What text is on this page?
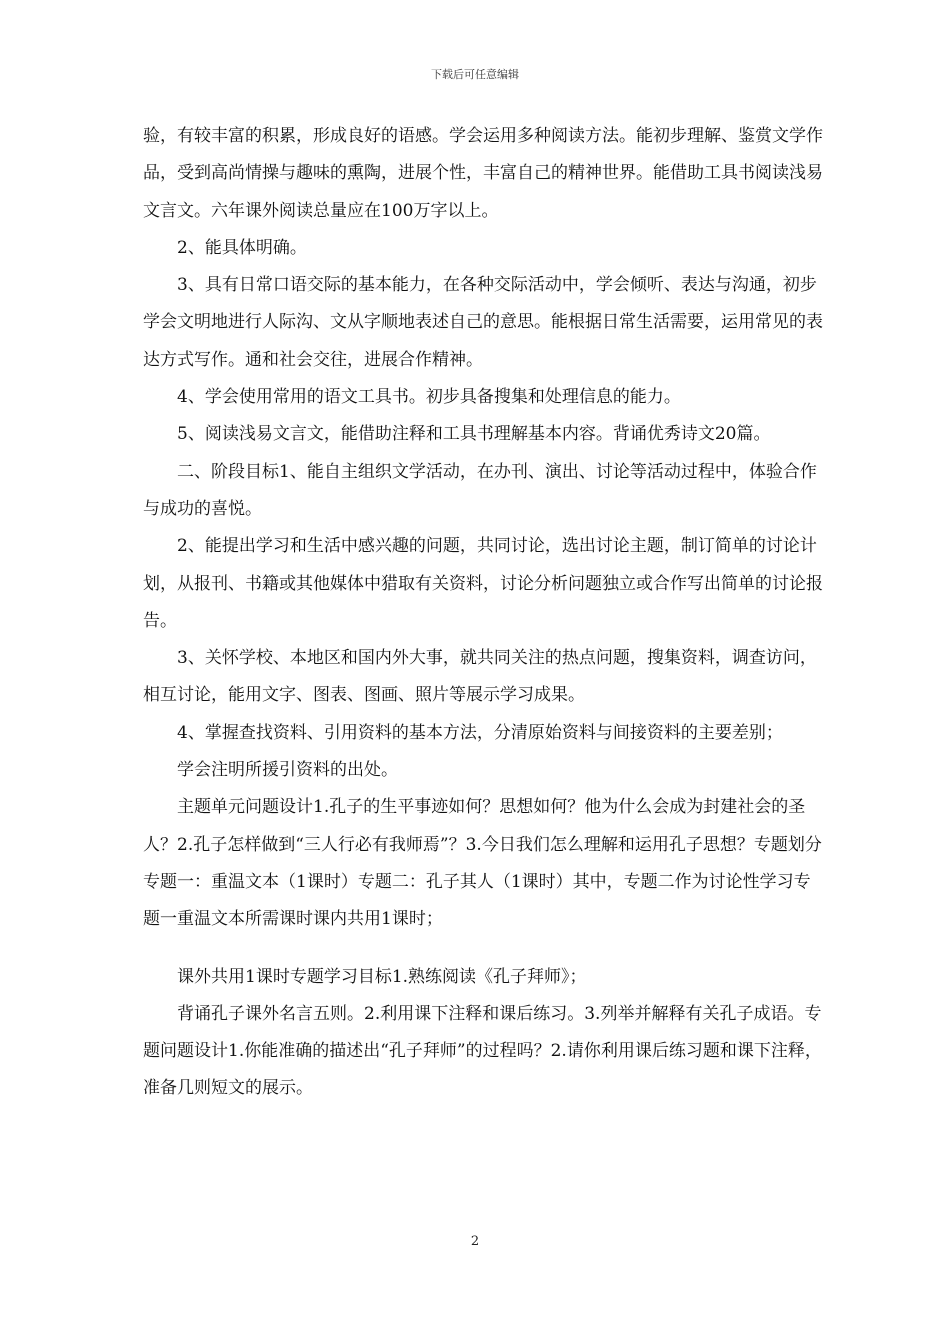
下载后可任意编辑

验，有较丰富的积累，形成良好的语感。学会运用多种阅读方法。能初步理解、鉴赏文学作品，受到高尚情操与趣味的熏陶，进展个性，丰富自己的精神世界。能借助工具书阅读浅易文言文。六年课外阅读总量应在100万字以上。

2、能具体明确。

3、具有日常口语交际的基本能力，在各种交际活动中，学会倾听、表达与沟通，初步学会文明地进行人际沟、文从字顺地表述自己的意思。能根据日常生活需要，运用常见的表达方式写作。通和社会交往，进展合作精神。

4、学会使用常用的语文工具书。初步具备搜集和处理信息的能力。

5、阅读浅易文言文，能借助注释和工具书理解基本内容。背诵优秀诗文20篇。

二、阶段目标1、能自主组织文学活动，在办刊、演出、讨论等活动过程中，体验合作与成功的喜悦。

2、能提出学习和生活中感兴趣的问题，共同讨论，选出讨论主题，制订简单的讨论计划，从报刊、书籍或其他媒体中猎取有关资料，讨论分析问题独立或合作写出简单的讨论报告。

3、关怀学校、本地区和国内外大事，就共同关注的热点问题，搜集资料，调查访问，相互讨论，能用文字、图表、图画、照片等展示学习成果。

4、掌握查找资料、引用资料的基本方法，分清原始资料与间接资料的主要差别；

学会注明所援引资料的出处。

主题单元问题设计1.孔子的生平事迹如何？思想如何？他为什么会成为封建社会的圣人？2.孔子怎样做到“三人行必有我师焉”？3.今日我们怎么理解和运用孔子思想？专题划分专题一：重温文本（1课时）专题二：孔子其人（1课时）其中，专题二作为讨论性学习专题一重温文本所需课时课内共用1课时；

课外共用1课时专题学习目标1.熟练阅读《孔子拜师》；

背诵孔子课外名言五则。2.利用课下注释和课后练习。3.列举并解释有关孔子成语。专题问题设计1.你能准确的描述出“孔子拜师”的过程吗？2.请你利用课后练习题和课下注释，准备几则短文的展示。

2
